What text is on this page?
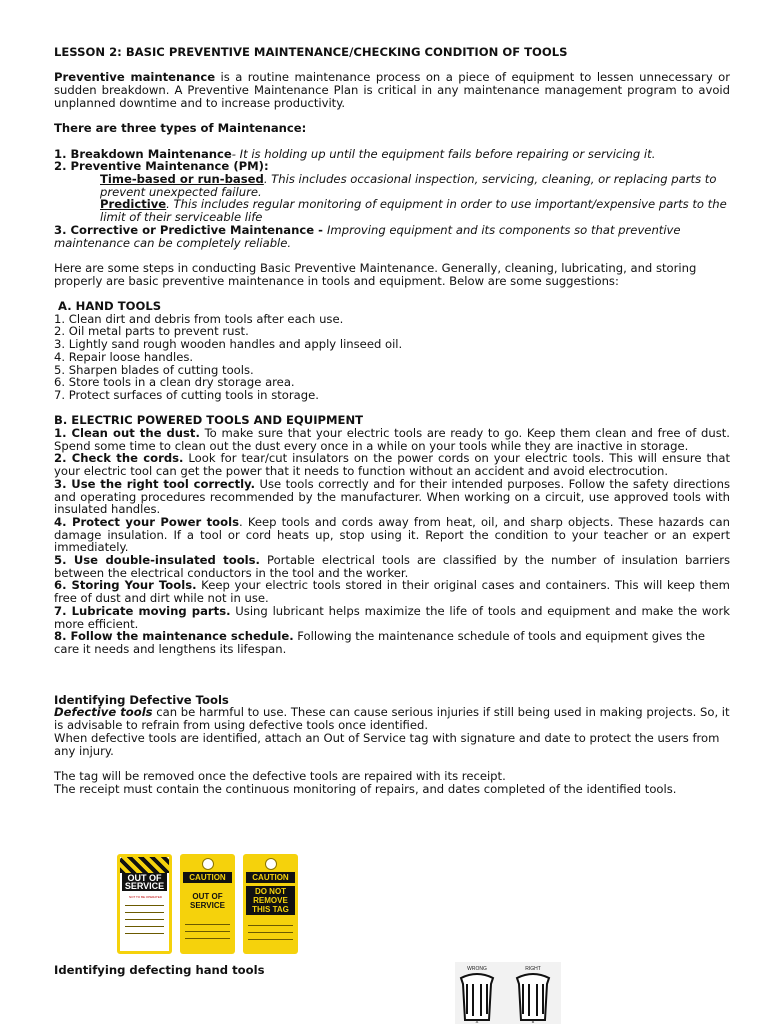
LESSON 2: BASIC PREVENTIVE MAINTENANCE/CHECKING CONDITION OF TOOLS

Preventive maintenance is a routine maintenance process on a piece of equipment to lessen unnecessary or sudden breakdown. A Preventive Maintenance Plan is critical in any maintenance management program to avoid unplanned downtime and to increase productivity.

There are three types of Maintenance:

1. Breakdown Maintenance- It is holding up until the equipment fails before repairing or servicing it.

2. Preventive Maintenance (PM):

Time-based or run-based. This includes occasional inspection, servicing, cleaning, or replacing parts to prevent unexpected failure.

Predictive. This includes regular monitoring of equipment in order to use important/expensive parts to the limit of their serviceable life

3. Corrective or Predictive Maintenance - Improving equipment and its components so that preventive maintenance can be completely reliable.

Here are some steps in conducting Basic Preventive Maintenance. Generally, cleaning, lubricating, and storing properly are basic preventive maintenance in tools and equipment. Below are some suggestions:

A. HAND TOOLS

1. Clean dirt and debris from tools after each use.

2. Oil metal parts to prevent rust.

3. Lightly sand rough wooden handles and apply linseed oil.

4. Repair loose handles.

5. Sharpen blades of cutting tools.

6. Store tools in a clean dry storage area.

7. Protect surfaces of cutting tools in storage.

B. ELECTRIC POWERED TOOLS AND EQUIPMENT

1. Clean out the dust. To make sure that your electric tools are ready to go. Keep them clean and free of dust. Spend some time to clean out the dust every once in a while on your tools while they are inactive in storage.

2. Check the cords. Look for tear/cut insulators on the power cords on your electric tools. This will ensure that your electric tool can get the power that it needs to function without an accident and avoid electrocution.

3. Use the right tool correctly. Use tools correctly and for their intended purposes. Follow the safety directions and operating procedures recommended by the manufacturer. When working on a circuit, use approved tools with insulated handles.

4. Protect your Power tools. Keep tools and cords away from heat, oil, and sharp objects. These hazards can damage insulation. If a tool or cord heats up, stop using it. Report the condition to your teacher or an expert immediately.

5. Use double-insulated tools. Portable electrical tools are classified by the number of insulation barriers between the electrical conductors in the tool and the worker.

6. Storing Your Tools. Keep your electric tools stored in their original cases and containers. This will keep them free of dust and dirt while not in use.

7. Lubricate moving parts. Using lubricant helps maximize the life of tools and equipment and make the work more efficient.

8. Follow the maintenance schedule. Following the maintenance schedule of tools and equipment gives the care it needs and lengthens its lifespan.

Identifying Defective Tools

Defective tools can be harmful to use. These can cause serious injuries if still being used in making projects. So, it is advisable to refrain from using defective tools once identified.

When defective tools are identified, attach an Out of Service tag with signature and date to protect the users from any injury.

The tag will be removed once the defective tools are repaired with its receipt.

The receipt must contain the continuous monitoring of repairs, and dates completed of the identified tools.

OUT OF SERVICE
NOT TO BE OPERATED
CAUTION
OUT OF SERVICE
CAUTION
DO NOT REMOVE THIS TAG

Identifying defecting hand tools	WRONG	RIGHT
A	B
